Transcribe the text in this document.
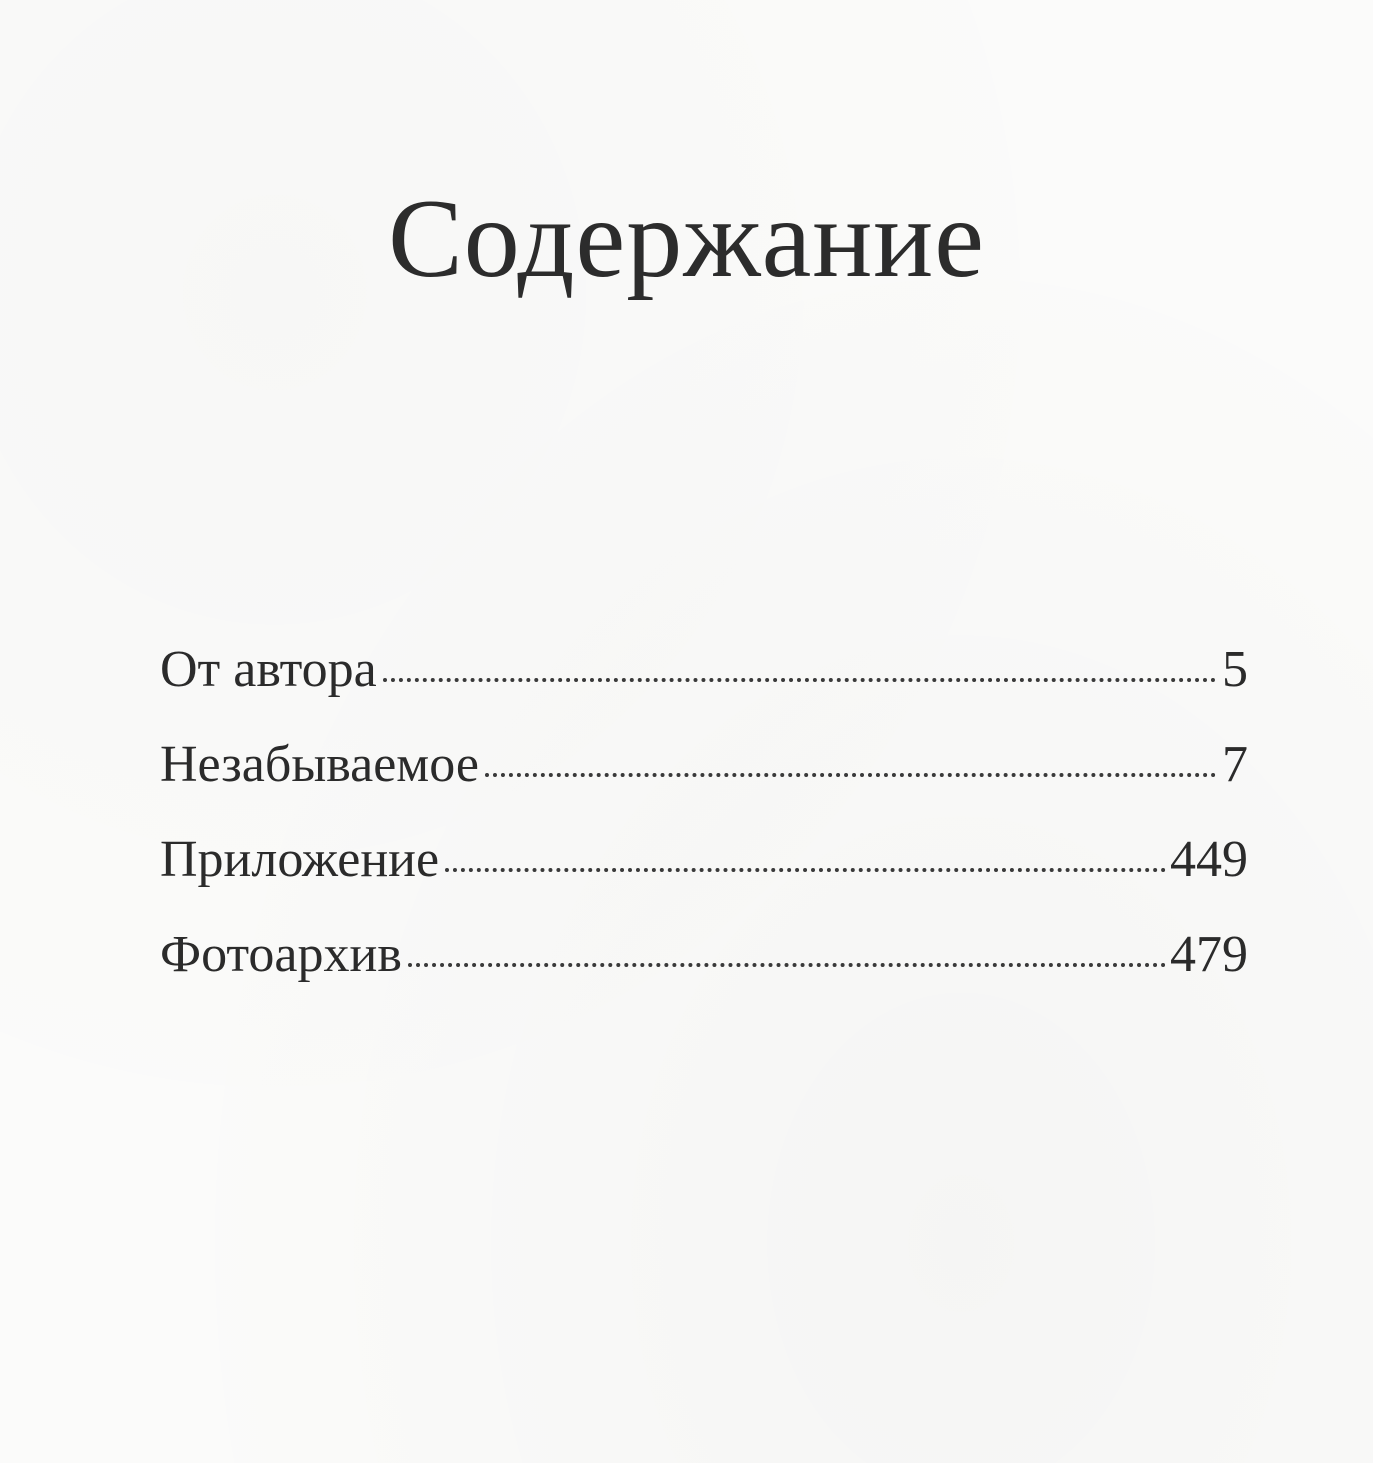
Содержание
От автора	5
Незабываемое	7
Приложение	449
Фотоархив	479
